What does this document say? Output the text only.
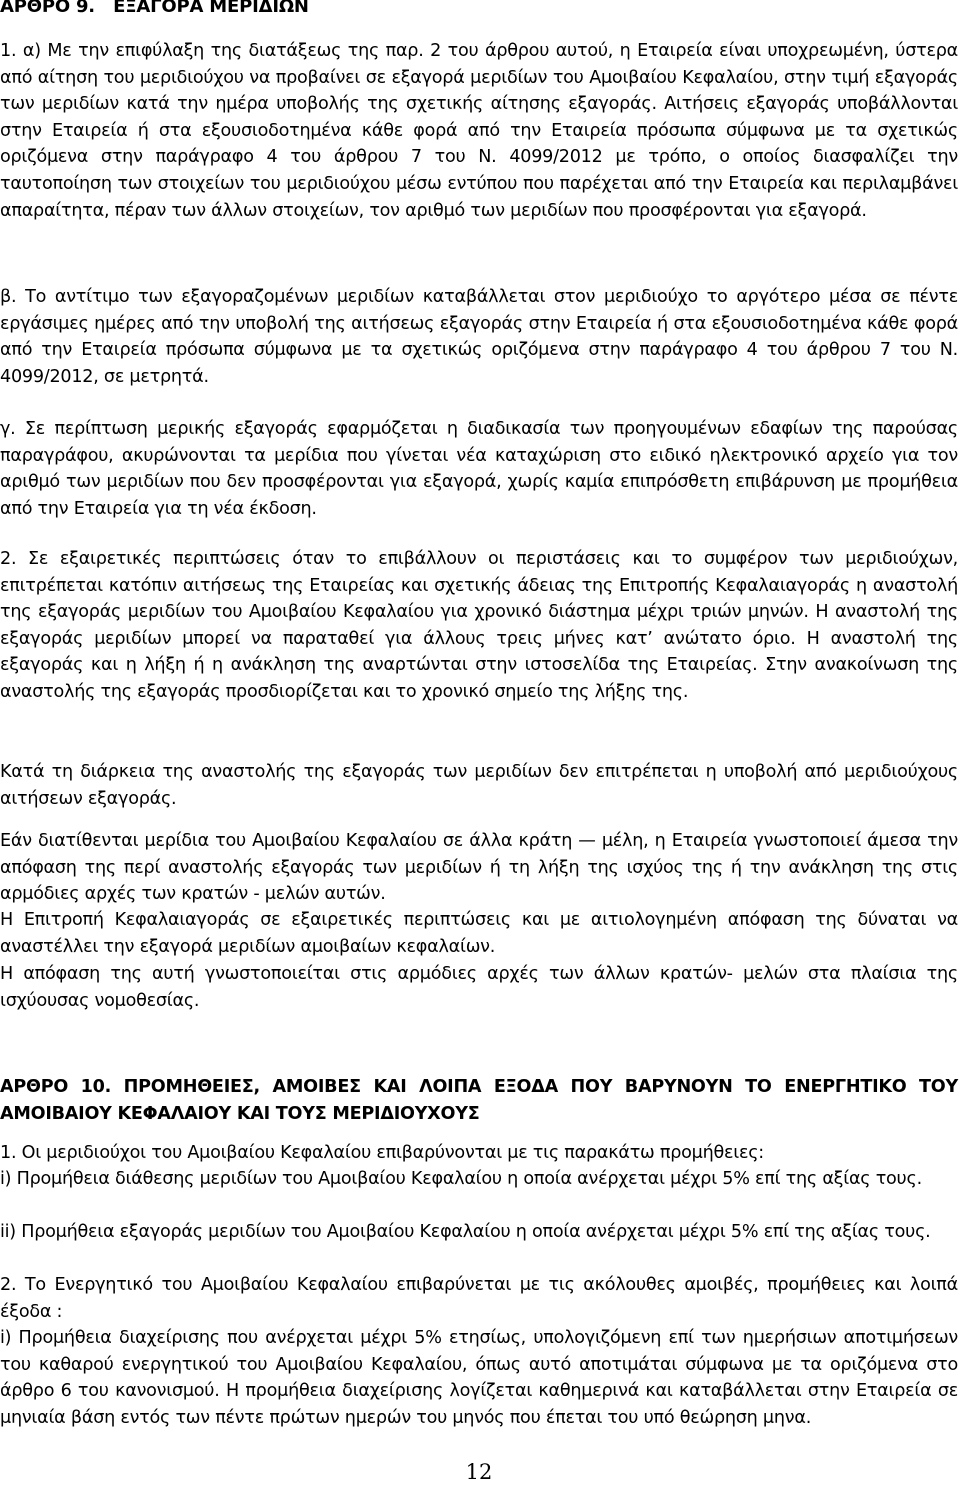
ΑΡΘΡΟ 9.   ΕΞΑΓΟΡΑ ΜΕΡΙΔΙΩΝ

1. α) Με την επιφύλαξη της διατάξεως της παρ. 2 του άρθρου αυτού, η Εταιρεία είναι υποχρεωμένη, ύστερα από αίτηση του μεριδιούχου να προβαίνει σε εξαγορά μεριδίων του Αμοιβαίου Κεφαλαίου, στην τιμή εξαγοράς των μεριδίων κατά την ημέρα υποβολής της σχετικής αίτησης εξαγοράς. Αιτήσεις εξαγοράς υποβάλλονται στην Εταιρεία ή στα εξουσιοδοτημένα κάθε φορά από την Εταιρεία πρόσωπα σύμφωνα με τα σχετικώς οριζόμενα στην παράγραφο 4 του άρθρου 7 του Ν. 4099/2012 με τρόπο, ο οποίος διασφαλίζει την ταυτοποίηση των στοιχείων του μεριδιούχου μέσω εντύπου που παρέχεται από την Εταιρεία και περιλαμβάνει απαραίτητα, πέραν των άλλων στοιχείων, τον αριθμό των μεριδίων που προσφέρονται για εξαγορά.

β. Το αντίτιμο των εξαγοραζομένων μεριδίων καταβάλλεται στον μεριδιούχο το αργότερο μέσα σε πέντε εργάσιμες ημέρες από την υποβολή της αιτήσεως εξαγοράς στην Εταιρεία ή στα εξουσιοδοτημένα κάθε φορά από την Εταιρεία πρόσωπα σύμφωνα με τα σχετικώς οριζόμενα στην παράγραφο 4 του άρθρου 7 του Ν. 4099/2012, σε μετρητά.

γ. Σε περίπτωση μερικής εξαγοράς εφαρμόζεται η διαδικασία των προηγουμένων εδαφίων της παρούσας παραγράφου, ακυρώνονται τα μερίδια που γίνεται νέα καταχώριση στο ειδικό ηλεκτρονικό αρχείο για τον αριθμό των μεριδίων που δεν προσφέρονται για εξαγορά, χωρίς καμία επιπρόσθετη επιβάρυνση με προμήθεια από την Εταιρεία για τη νέα έκδοση.

2. Σε εξαιρετικές περιπτώσεις όταν το επιβάλλουν οι περιστάσεις και το συμφέρον των μεριδιούχων, επιτρέπεται κατόπιν αιτήσεως της Εταιρείας και σχετικής άδειας της Επιτροπής Κεφαλαιαγοράς η αναστολή της εξαγοράς μεριδίων του Αμοιβαίου Κεφαλαίου για χρονικό διάστημα μέχρι τριών μηνών. Η αναστολή της εξαγοράς μεριδίων μπορεί να παραταθεί για άλλους τρεις μήνες κατ’ ανώτατο όριο. Η αναστολή της εξαγοράς και η λήξη ή η ανάκληση της αναρτώνται στην ιστοσελίδα της Εταιρείας. Στην ανακοίνωση της αναστολής της εξαγοράς προσδιορίζεται και το χρονικό σημείο της λήξης της.

Κατά τη διάρκεια της αναστολής της εξαγοράς των μεριδίων δεν επιτρέπεται η υποβολή από μεριδιούχους αιτήσεων εξαγοράς.

Εάν διατίθενται μερίδια του Αμοιβαίου Κεφαλαίου σε άλλα κράτη — μέλη, η Εταιρεία γνωστοποιεί άμεσα την απόφαση της περί αναστολής εξαγοράς των μεριδίων ή τη λήξη της ισχύος της ή την ανάκληση της στις αρμόδιες αρχές των κρατών - μελών αυτών.

Η Επιτροπή Κεφαλαιαγοράς σε εξαιρετικές περιπτώσεις και με αιτιολογημένη απόφαση της δύναται να αναστέλλει την εξαγορά μεριδίων αμοιβαίων κεφαλαίων.

Η απόφαση της αυτή γνωστοποιείται στις αρμόδιες αρχές των άλλων κρατών- μελών στα πλαίσια της ισχύουσας νομοθεσίας.

ΑΡΘΡΟ 10. ΠΡΟΜΗΘΕΙΕΣ, ΑΜΟΙΒΕΣ ΚΑΙ ΛΟΙΠΑ ΕΞΟΔΑ ΠΟΥ ΒΑΡΥΝΟΥΝ ΤΟ ΕΝΕΡΓΗΤΙΚΟ ΤΟΥ ΑΜΟΙΒΑΙΟΥ ΚΕΦΑΛΑΙΟΥ ΚΑΙ ΤΟΥΣ ΜΕΡΙΔΙΟΥΧΟΥΣ

1. Οι μεριδιούχοι του Αμοιβαίου Κεφαλαίου επιβαρύνονται με τις παρακάτω προμήθειες:

i) Προμήθεια διάθεσης μεριδίων του Αμοιβαίου Κεφαλαίου η οποία ανέρχεται μέχρι 5% επί της αξίας τους.

ii) Προμήθεια εξαγοράς μεριδίων του Αμοιβαίου Κεφαλαίου η οποία ανέρχεται μέχρι 5% επί της αξίας τους.

2. Το Ενεργητικό του Αμοιβαίου Κεφαλαίου επιβαρύνεται με τις ακόλουθες αμοιβές, προμήθειες και λοιπά έξοδα :

i) Προμήθεια διαχείρισης που ανέρχεται μέχρι 5% ετησίως, υπολογιζόμενη επί των ημερήσιων αποτιμήσεων του καθαρού ενεργητικού του Αμοιβαίου Κεφαλαίου, όπως αυτό αποτιμάται σύμφωνα με τα οριζόμενα στο άρθρο 6 του κανονισμού. Η προμήθεια διαχείρισης λογίζεται καθημερινά και καταβάλλεται στην Εταιρεία σε μηνιαία βάση εντός των πέντε πρώτων ημερών του μηνός που έπεται του υπό θεώρηση μηνα.

12
